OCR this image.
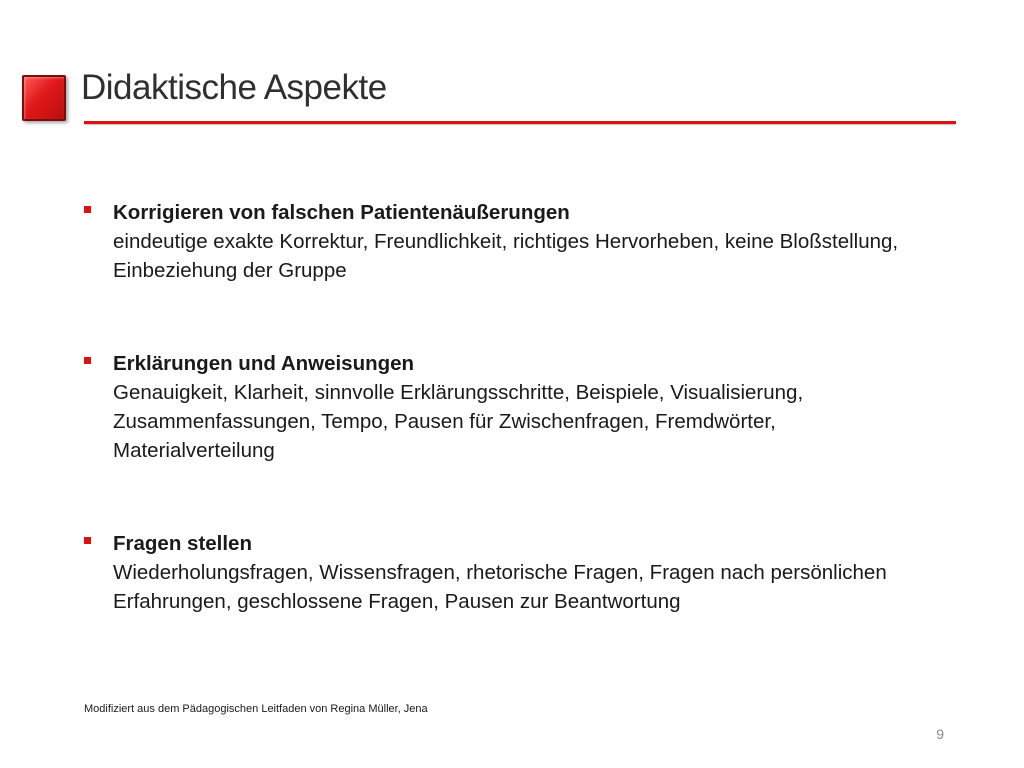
Didaktische Aspekte
Korrigieren von falschen Patientenäußerungen
eindeutige exakte Korrektur, Freundlichkeit, richtiges Hervorheben, keine Bloßstellung, Einbeziehung der Gruppe
Erklärungen und Anweisungen
Genauigkeit, Klarheit, sinnvolle Erklärungsschritte, Beispiele, Visualisierung, Zusammenfassungen, Tempo, Pausen für Zwischenfragen, Fremdwörter, Materialverteilung
Fragen stellen
Wiederholungsfragen, Wissensfragen, rhetorische Fragen, Fragen nach persönlichen Erfahrungen, geschlossene Fragen, Pausen zur Beantwortung
Modifiziert aus dem Pädagogischen Leitfaden von Regina Müller, Jena
9
